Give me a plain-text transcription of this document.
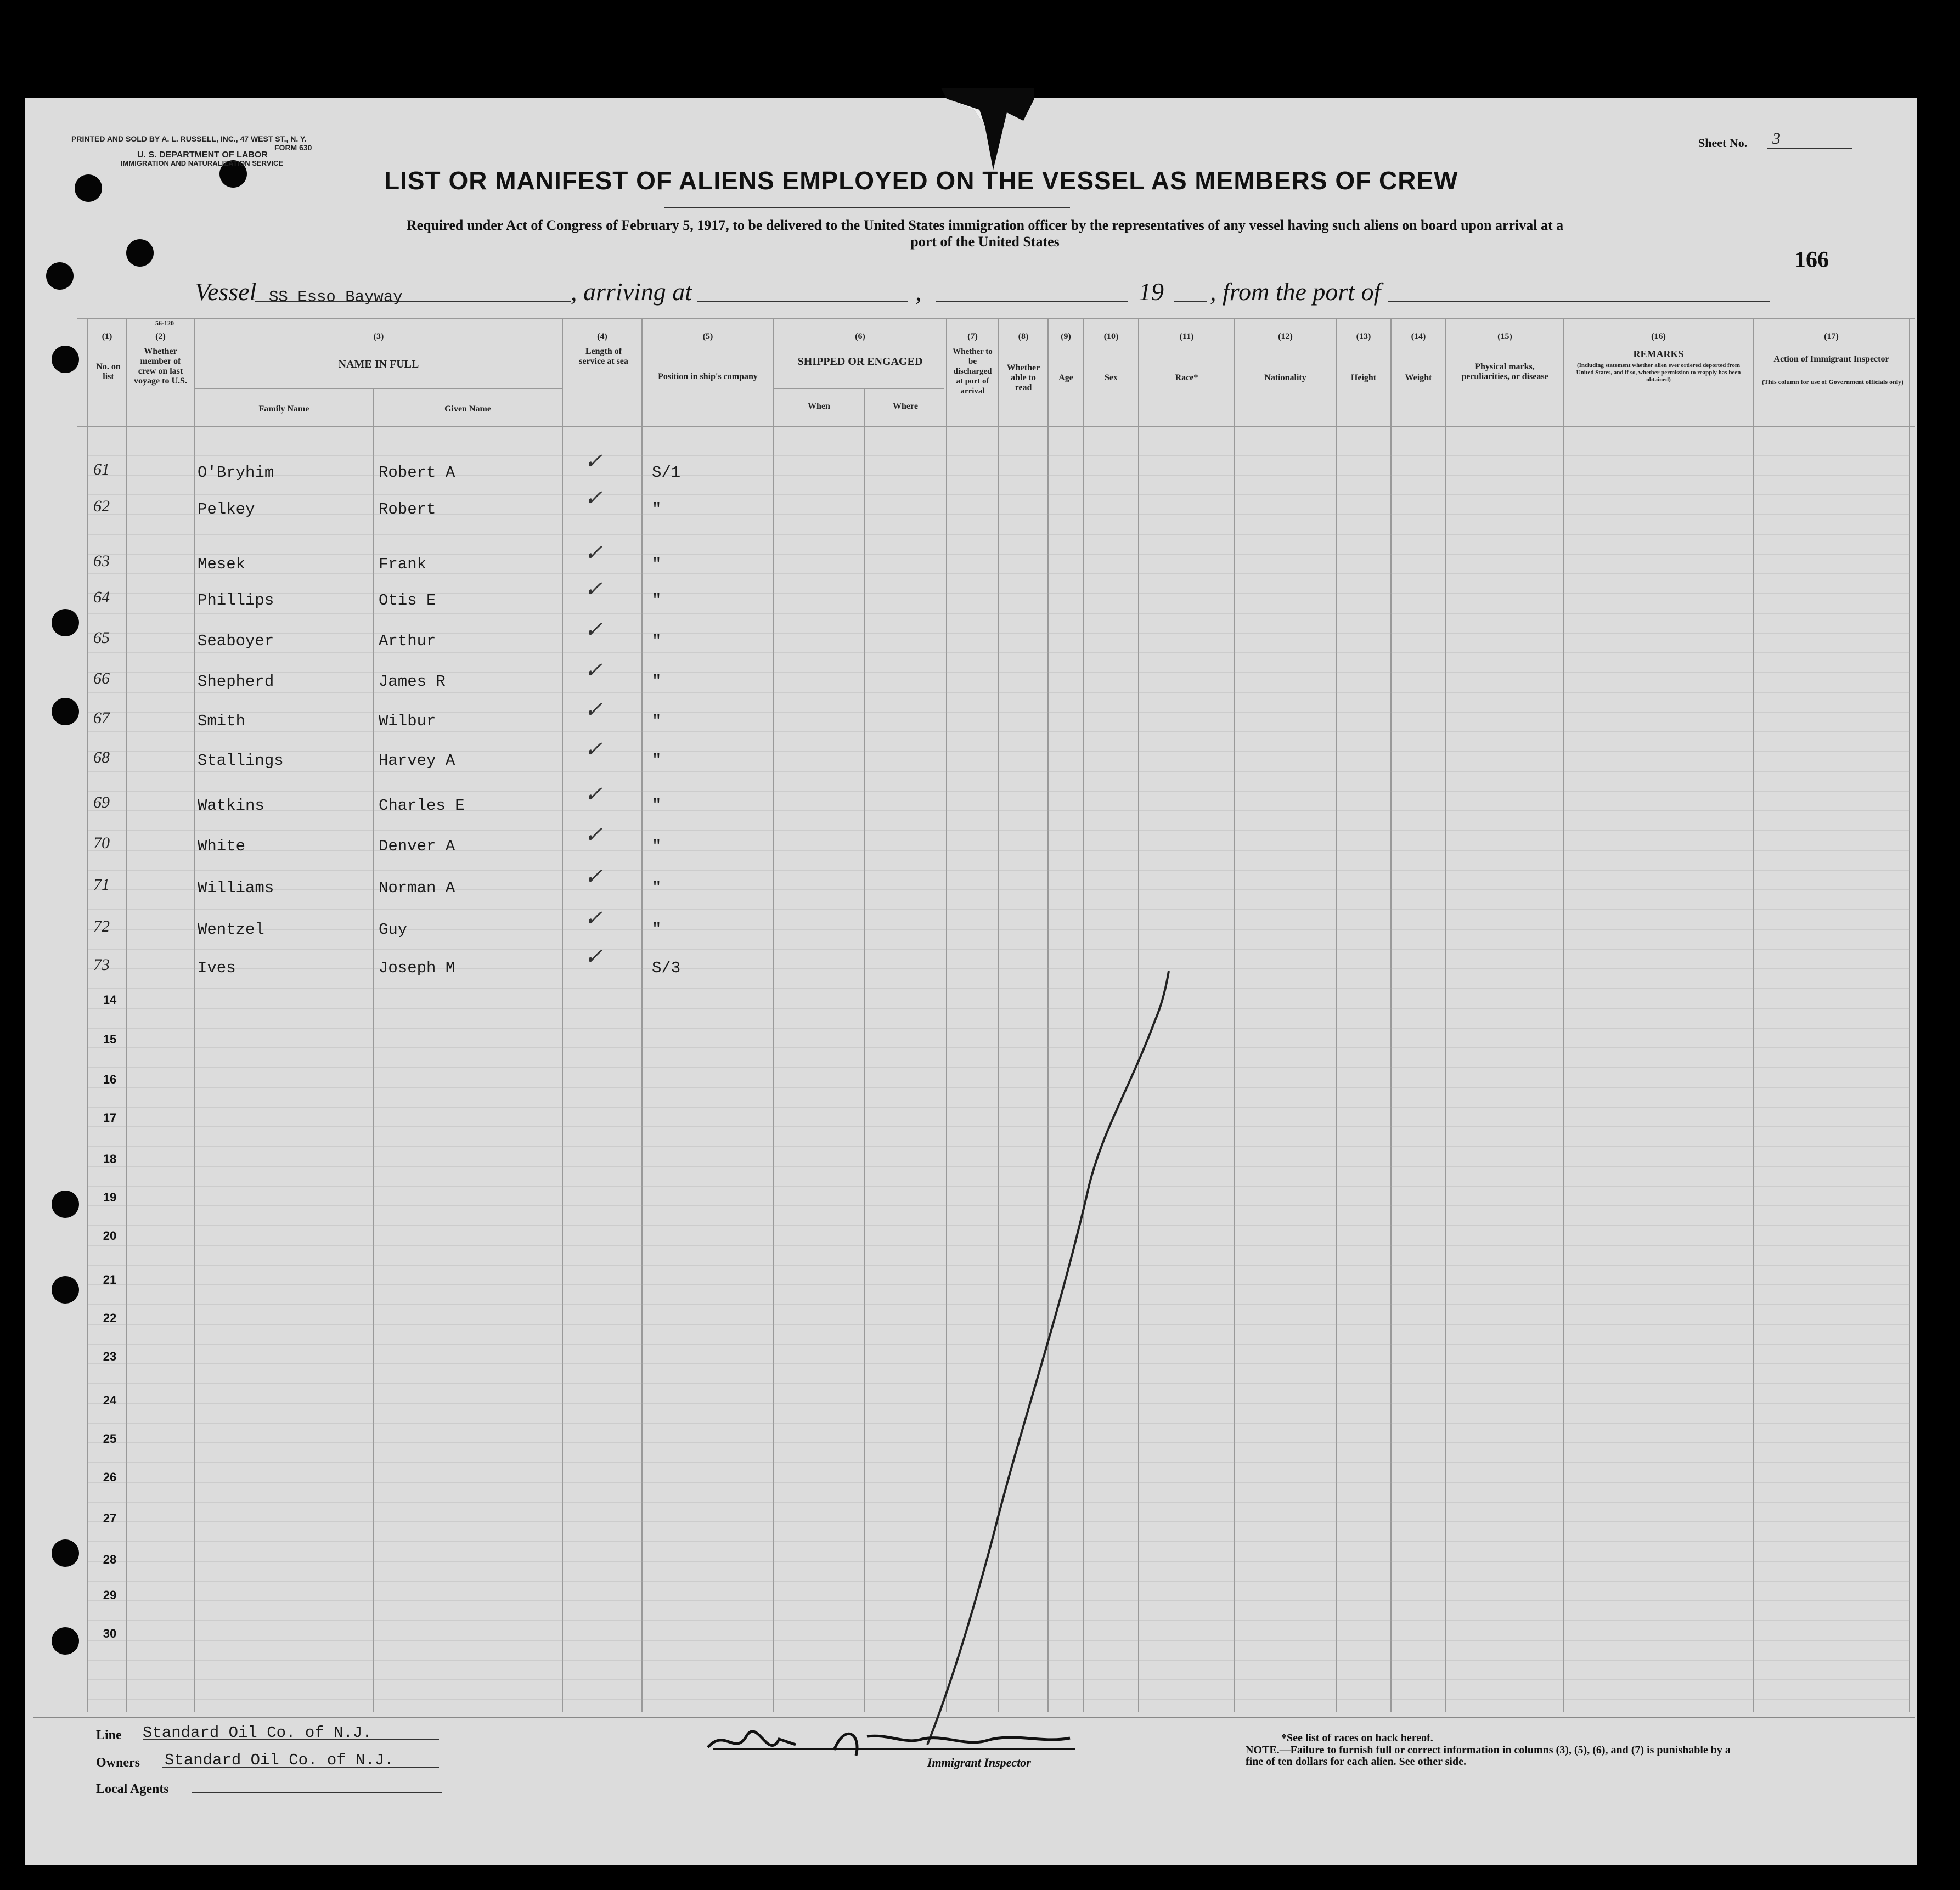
PRINTED AND SOLD BY A. L. RUSSELL, INC., 47 WEST ST., N. Y.
FORM 630
U. S. DEPARTMENT OF LABOR
IMMIGRATION AND NATURALIZATION SERVICE
Sheet No. 3
166
LIST OR MANIFEST OF ALIENS EMPLOYED ON THE VESSEL AS MEMBERS OF CREW
Required under Act of Congress of February 5, 1917, to be delivered to the United States immigration officer by the representatives of any vessel having such aliens on board upon arrival at a
port of the United States
Vessel SS Esso Bayway	, arriving at	,	19 , from the port of
(1)
No. on list
56-120
(2)
Whether member of crew on last voyage to U.S.
(3)
NAME IN FULL
Family Name	Given Name
(4)
Length of service at sea
(5)
Position in ship's company
(6)
SHIPPED OR ENGAGED
When	Where
(7)
Whether to be discharged at port of arrival
(8)
Whether able to read
(9)
Age
(10)
Sex
(11)
Race*
(12)
Nationality
(13)
Height
(14)
Weight
(15)
Physical marks, peculiarities, or disease
(16)
REMARKS
(Including statement whether alien ever ordered deported from United States, and if so, whether permission to reapply has been obtained)
(17)
Action of Immigrant Inspector
(This column for use of Government officials only)
61	O'Bryhim	Robert A	✓	S/1
62	Pelkey	Robert	✓	"
63	Mesek	Frank	✓	"
64	Phillips	Otis E	✓	"
65	Seaboyer	Arthur	✓	"
66	Shepherd	James R	✓	"
67	Smith	Wilbur	✓	"
68	Stallings	Harvey A	✓	"
69	Watkins	Charles E	✓	"
70	White	Denver A	✓	"
71	Williams	Norman A	✓	"
72	Wentzel	Guy	✓	"
73	Ives	Joseph M	✓	S/3
14
15
16
17
18
19
20
21
22
23
24
25
26
27
28
29
30
Line Standard Oil Co. of N.J.
Owners Standard Oil Co. of N.J.
Local Agents
Immigrant Inspector
*See list of races on back hereof.
NOTE.—Failure to furnish full or correct information in columns (3), (5), (6), and (7) is punishable by a fine of ten dollars for each alien. See other side.
